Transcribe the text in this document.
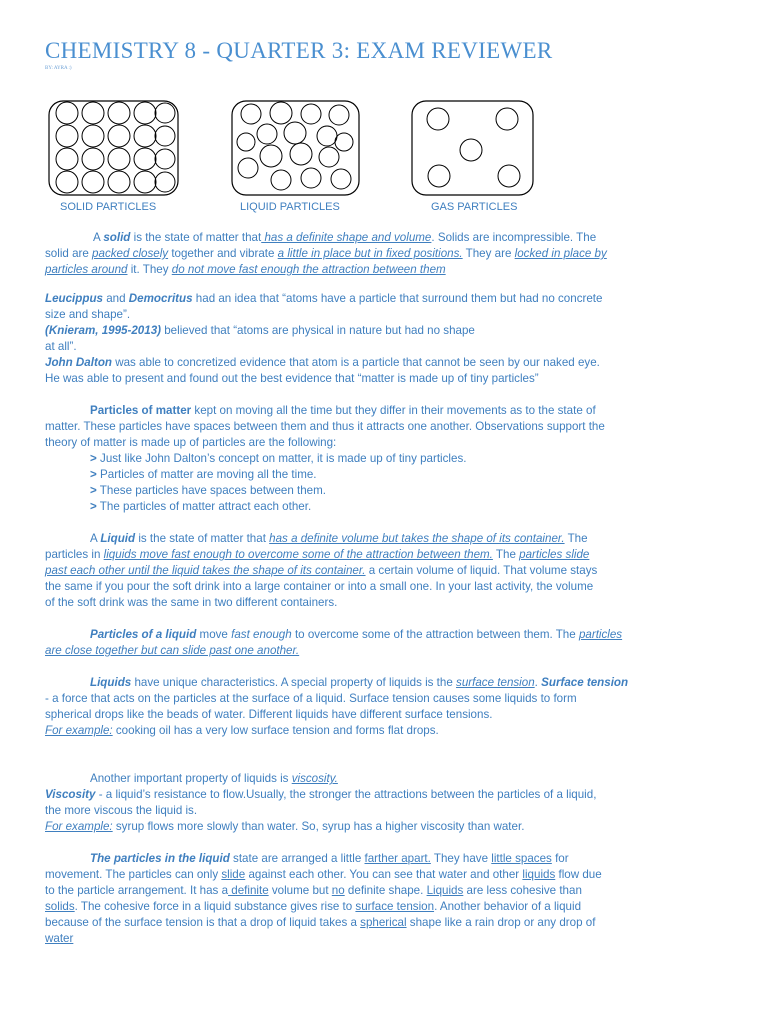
CHEMISTRY 8 - QUARTER 3: EXAM REVIEWER
BY: AYRA :)
SOLID PARTICLES	LIQUID PARTICLES	GAS PARTICLES
A solid is the state of matter that has a definite shape and volume. Solids are incompressible. The
solid are packed closely together and vibrate a little in place but in fixed positions. They are locked in place by
particles around it. They do not move fast enough the attraction between them
Leucippus and Democritus had an idea that “atoms have a particle that surround them but had no concrete
size and shape”.
(Knieram, 1995-2013) believed that “atoms are physical in nature but had no shape
at all”.
John Dalton was able to concretized evidence that atom is a particle that cannot be seen by our naked eye.
He was able to present and found out the best evidence that “matter is made up of tiny particles”
Particles of matter kept on moving all the time but they differ in their movements as to the state of
matter. These particles have spaces between them and thus it attracts one another. Observations support the
theory of matter is made up of particles are the following:
> Just like John Dalton’s concept on matter, it is made up of tiny particles.
> Particles of matter are moving all the time.
> These particles have spaces between them.
> The particles of matter attract each other.
A Liquid is the state of matter that has a definite volume but takes the shape of its container. The
particles in liquids move fast enough to overcome some of the attraction between them. The particles slide
past each other until the liquid takes the shape of its container. a certain volume of liquid. That volume stays
the same if you pour the soft drink into a large container or into a small one. In your last activity, the volume
of the soft drink was the same in two different containers.
Particles of a liquid move fast enough to overcome some of the attraction between them. The particles
are close together but can slide past one another.
Liquids have unique characteristics. A special property of liquids is the surface tension. Surface tension
- a force that acts on the particles at the surface of a liquid. Surface tension causes some liquids to form
spherical drops like the beads of water. Different liquids have different surface tensions.
For example: cooking oil has a very low surface tension and forms flat drops.
Another important property of liquids is viscosity.
Viscosity - a liquid’s resistance to flow.Usually, the stronger the attractions between the particles of a liquid,
the more viscous the liquid is.
For example: syrup flows more slowly than water. So, syrup has a higher viscosity than water.
The particles in the liquid state are arranged a little farther apart. They have little spaces for
movement. The particles can only slide against each other. You can see that water and other liquids flow due
to the particle arrangement. It has a definite volume but no definite shape. Liquids are less cohesive than
solids. The cohesive force in a liquid substance gives rise to surface tension. Another behavior of a liquid
because of the surface tension is that a drop of liquid takes a spherical shape like a rain drop or any drop of
water
